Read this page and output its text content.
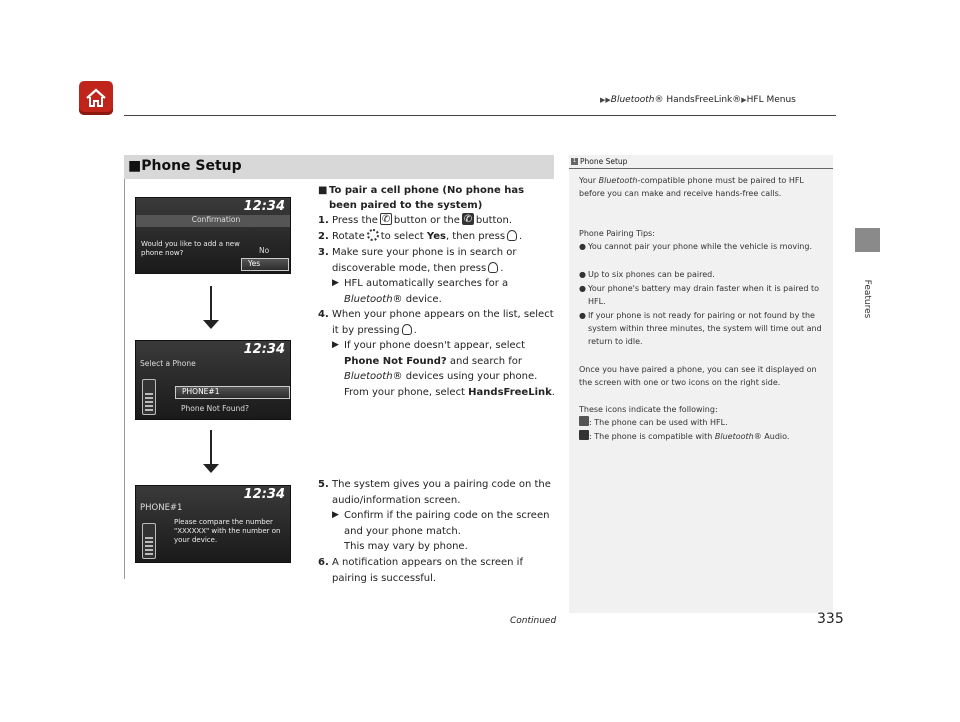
▶▶Bluetooth® HandsFreeLink®▶HFL Menus
Features
■Phone Setup	1 Phone Setup
Your Bluetooth-compatible phone must be paired to HFL before you can make and receive hands-free calls.
Phone Pairing Tips:
● You cannot pair your phone while the vehicle is moving.
● Up to six phones can be paired.
● Your phone's battery may drain faster when it is paired to HFL.
● If your phone is not ready for pairing or not found by the system within three minutes, the system will time out and return to idle.
Once you have paired a phone, you can see it displayed on the screen with one or two icons on the right side.
These icons indicate the following:
: The phone can be used with HFL.
: The phone is compatible with Bluetooth® Audio.
12:34
Confirmation
Would you like to add a new phone now?	No
Yes
12:34
Select a Phone
PHONE#1
Phone Not Found?
12:34
PHONE#1
Please compare the number "XXXXXX" with the number on your device.
■ To pair a cell phone (No phone has been paired to the system)
1. Press the ✆ button or the ✆ button.
2. Rotate to select Yes, then press .
3. Make sure your phone is in search or discoverable mode, then press .
▶ HFL automatically searches for a Bluetooth® device.
4. When your phone appears on the list, select it by pressing .
▶ If your phone doesn't appear, select Phone Not Found? and search for Bluetooth® devices using your phone. From your phone, select HandsFreeLink.
5. The system gives you a pairing code on the audio/information screen.
▶ Confirm if the pairing code on the screen and your phone match.
This may vary by phone.
6. A notification appears on the screen if pairing is successful.
Continued	335
